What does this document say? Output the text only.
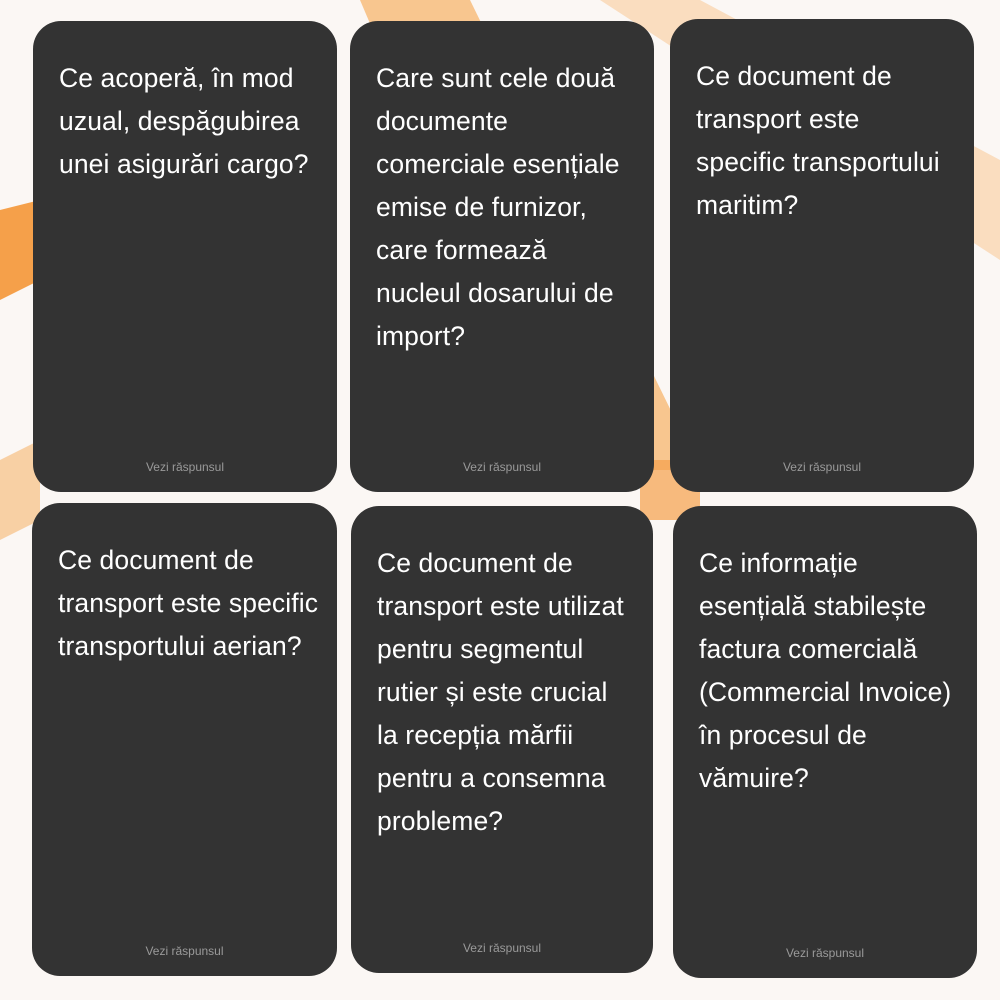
Ce acoperă, în mod uzual, despăgubirea unei asigurări cargo?

Vezi răspunsul

Care sunt cele două documente comerciale esențiale emise de furnizor, care formează nucleul dosarului de import?

Vezi răspunsul

Ce document de transport este specific transportului maritim?

Vezi răspunsul

Ce document de transport este specific transportului aerian?

Vezi răspunsul

Ce document de transport este utilizat pentru segmentul rutier și este crucial la recepția mărfii pentru a consemna probleme?

Vezi răspunsul

Ce informație esențială stabilește factura comercială (Commercial Invoice) în procesul de vămuire?

Vezi răspunsul
